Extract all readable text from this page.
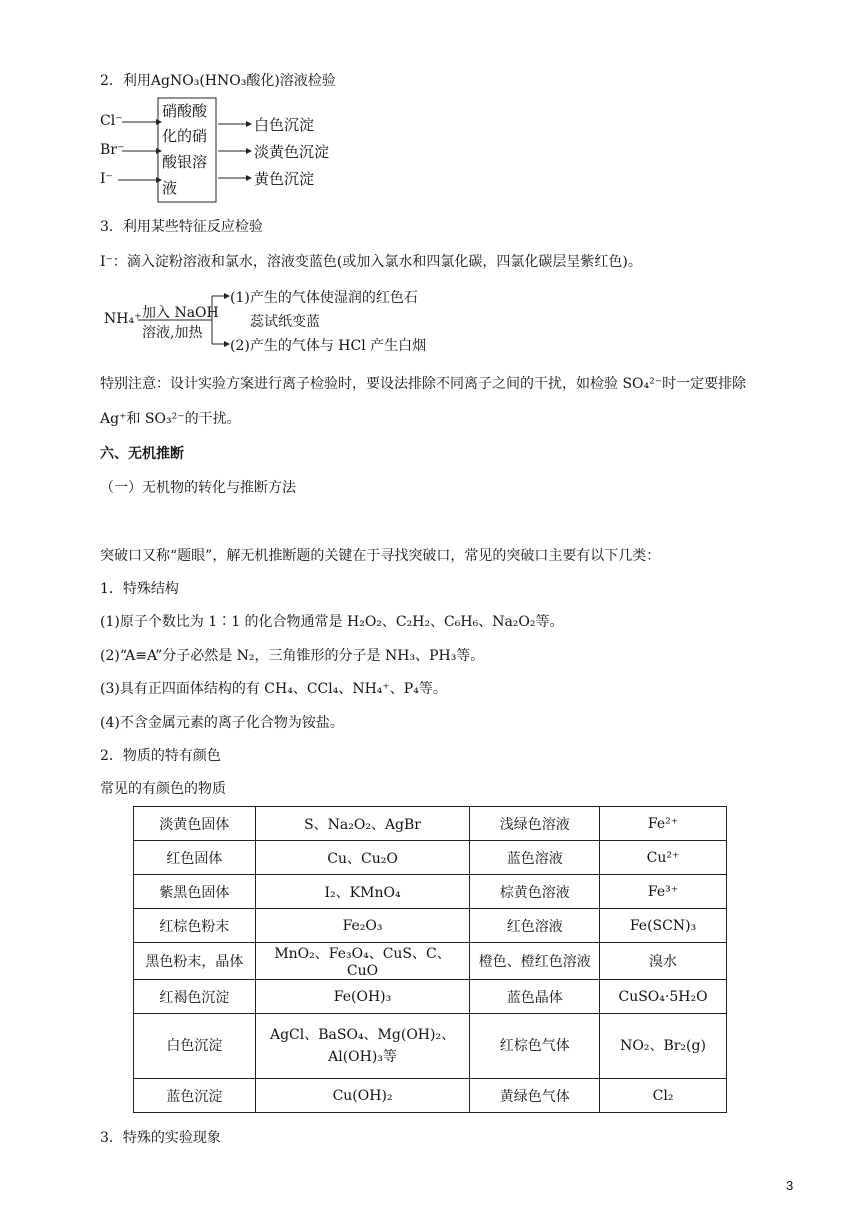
2．利用AgNO₃(HNO₃酸化)溶液检验
Cl⁻
Br⁻
I⁻
硝酸酸
化的硝
酸银溶
液
白色沉淀
淡黄色沉淀
黄色沉淀
3．利用某些特征反应检验
I⁻：滴入淀粉溶液和氯水，溶液变蓝色(或加入氯水和四氯化碳，四氯化碳层呈紫红色)。
NH₄⁺ 加入 NaOH
溶液,加热
(1)产生的气体使湿润的红色石
蕊试纸变蓝
(2)产生的气体与 HCl 产生白烟
特别注意：设计实验方案进行离子检验时，要设法排除不同离子之间的干扰，如检验 SO₄²⁻时一定要排除
Ag⁺和 SO₃²⁻的干扰。
六、无机推断
（一）无机物的转化与推断方法
突破口又称“题眼”，解无机推断题的关键在于寻找突破口，常见的突破口主要有以下几类：
1．特殊结构
(1)原子个数比为 1∶1 的化合物通常是 H₂O₂、C₂H₂、C₆H₆、Na₂O₂等。
(2)“A≡A”分子必然是 N₂，三角锥形的分子是 NH₃、PH₃等。
(3)具有正四面体结构的有 CH₄、CCl₄、NH₄⁺、P₄等。
(4)不含金属元素的离子化合物为铵盐。
2．物质的特有颜色
常见的有颜色的物质
淡黄色固体	S、Na₂O₂、AgBr	浅绿色溶液	Fe²⁺
红色固体	Cu、Cu₂O	蓝色溶液	Cu²⁺
紫黑色固体	I₂、KMnO₄	棕黄色溶液	Fe³⁺
红棕色粉末	Fe₂O₃	红色溶液	Fe(SCN)₃
黑色粉末，晶体	MnO₂、Fe₃O₄、CuS、C、CuO	橙色、橙红色溶液	溴水
红褐色沉淀	Fe(OH)₃	蓝色晶体	CuSO₄·5H₂O
白色沉淀	AgCl、BaSO₄、Mg(OH)₂、Al(OH)₃等	红棕色气体	NO₂、Br₂(g)
蓝色沉淀	Cu(OH)₂	黄绿色气体	Cl₂
3．特殊的实验现象
3
